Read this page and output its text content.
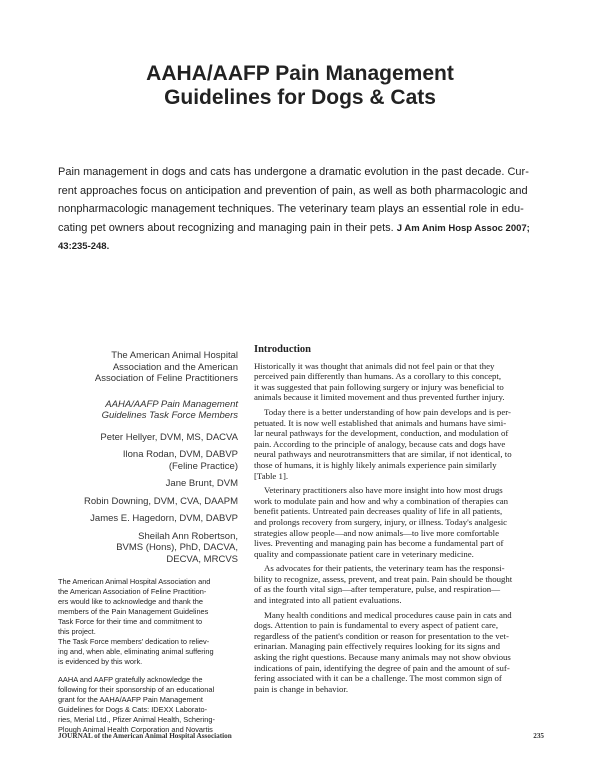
AAHA/AAFP Pain Management
Guidelines for Dogs & Cats
Pain management in dogs and cats has undergone a dramatic evolution in the past decade. Cur-
rent approaches focus on anticipation and prevention of pain, as well as both pharmacologic and
nonpharmacologic management techniques. The veterinary team plays an essential role in edu-
cating pet owners about recognizing and managing pain in their pets. J Am Anim Hosp Assoc 2007;
43:235-248.
The American Animal Hospital
Association and the American
Association of Feline Practitioners
AAHA/AAFP Pain Management
Guidelines Task Force Members
Peter Hellyer, DVM, MS, DACVA
Ilona Rodan, DVM, DABVP
(Feline Practice)
Jane Brunt, DVM
Robin Downing, DVM, CVA, DAAPM
James E. Hagedorn, DVM, DABVP
Sheilah Ann Robertson,
BVMS (Hons), PhD, DACVA,
DECVA, MRCVS

The American Animal Hospital Association and
the American Association of Feline Practition-
ers would like to acknowledge and thank the
members of the Pain Management Guidelines
Task Force for their time and commitment to
this project.
The Task Force members' dedication to reliev-
ing and, when able, eliminating animal suffering
is evidenced by this work.

AAHA and AAFP gratefully acknowledge the
following for their sponsorship of an educational
grant for the AAHA/AAFP Pain Management
Guidelines for Dogs & Cats: IDEXX Laborato-
ries, Merial Ltd., Pfizer Animal Health, Schering-
Plough Animal Health Corporation and Novartis

Introduction
Historically it was thought that animals did not feel pain or that they
perceived pain differently than humans. As a corollary to this concept,
it was suggested that pain following surgery or injury was beneficial to
animals because it limited movement and thus prevented further injury.
Today there is a better understanding of how pain develops and is per-
petuated. It is now well established that animals and humans have simi-
lar neural pathways for the development, conduction, and modulation of
pain. According to the principle of analogy, because cats and dogs have
neural pathways and neurotransmitters that are similar, if not identical, to
those of humans, it is highly likely animals experience pain similarly
[Table 1].
Veterinary practitioners also have more insight into how most drugs
work to modulate pain and how and why a combination of therapies can
benefit patients. Untreated pain decreases quality of life in all patients,
and prolongs recovery from surgery, injury, or illness. Today's analgesic
strategies allow people—and now animals—to live more comfortable
lives. Preventing and managing pain has become a fundamental part of
quality and compassionate patient care in veterinary medicine.
As advocates for their patients, the veterinary team has the responsi-
bility to recognize, assess, prevent, and treat pain. Pain should be thought
of as the fourth vital sign—after temperature, pulse, and respiration—
and integrated into all patient evaluations.
Many health conditions and medical procedures cause pain in cats and
dogs. Attention to pain is fundamental to every aspect of patient care,
regardless of the patient's condition or reason for presentation to the vet-
erinarian. Managing pain effectively requires looking for its signs and
asking the right questions. Because many animals may not show obvious
indications of pain, identifying the degree of pain and the amount of suf-
fering associated with it can be a challenge. The most common sign of
pain is change in behavior.
JOURNAL of the American Animal Hospital Association	235
